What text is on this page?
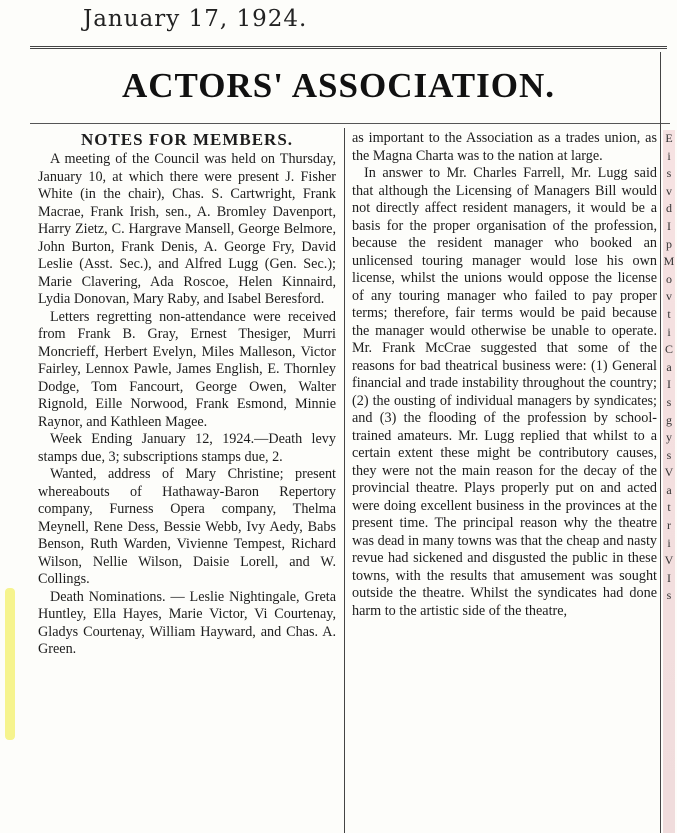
January 17, 1924.
ACTORS' ASSOCIATION.
NOTES FOR MEMBERS.

A meeting of the Council was held on Thursday, January 10, at which there were present J. Fisher White (in the chair), Chas. S. Cartwright, Frank Macrae, Frank Irish, sen., A. Bromley Davenport, Harry Zietz, C. Hargrave Mansell, George Belmore, John Burton, Frank Denis, A. George Fry, David Leslie (Asst. Sec.), and Alfred Lugg (Gen. Sec.); Marie Clavering, Ada Roscoe, Helen Kinnaird, Lydia Donovan, Mary Raby, and Isabel Beresford.

Letters regretting non-attendance were received from Frank B. Gray, Ernest Thesiger, Murri Moncrieff, Herbert Evelyn, Miles Malleson, Victor Fairley, Lennox Pawle, James English, E. Thornley Dodge, Tom Fancourt, George Owen, Walter Rignold, Eille Norwood, Frank Esmond, Minnie Raynor, and Kathleen Magee.

Week Ending January 12, 1924.—Death levy stamps due, 3; subscriptions stamps due, 2.

Wanted, address of Mary Christine; present whereabouts of Hathaway-Baron Repertory company, Furness Opera company, Thelma Meynell, Rene Dess, Bessie Webb, Ivy Aedy, Babs Benson, Ruth Warden, Vivienne Tempest, Richard Wilson, Nellie Wilson, Daisie Lorell, and W. Collings.

Death Nominations. — Leslie Nightingale, Greta Huntley, Ella Hayes, Marie Victor, Vi Courtenay, Gladys Courtenay, William Hayward, and Chas. A. Green.

as important to the Association as a trades union, as the Magna Charta was to the nation at large.

In answer to Mr. Charles Farrell, Mr. Lugg said that although the Licensing of Managers Bill would not directly affect resident managers, it would be a basis for the proper organisation of the profession, because the resident manager who booked an unlicensed touring manager would lose his own license, whilst the unions would oppose the license of any touring manager who failed to pay proper terms; therefore, fair terms would be paid because the manager would otherwise be unable to operate. Mr. Frank McCrae suggested that some of the reasons for bad theatrical business were: (1) General financial and trade instability throughout the country; (2) the ousting of individual managers by syndicates; and (3) the flooding of the profession by school-trained amateurs. Mr. Lugg replied that whilst to a certain extent these might be contributory causes, they were not the main reason for the decay of the provincial theatre. Plays properly put on and acted were doing excellent business in the provinces at the present time. The principal reason why the theatre was dead in many towns was that the cheap and nasty revue had sickened and disgusted the public in these towns, with the results that amusement was sought outside the theatre. Whilst the syndicates had done harm to the artistic side of the theatre,

E
i
s
v
d
I
p
M
o
v
t
i
C
a
I
s
g
y
s
V
a
t
r
i
V
I
s
